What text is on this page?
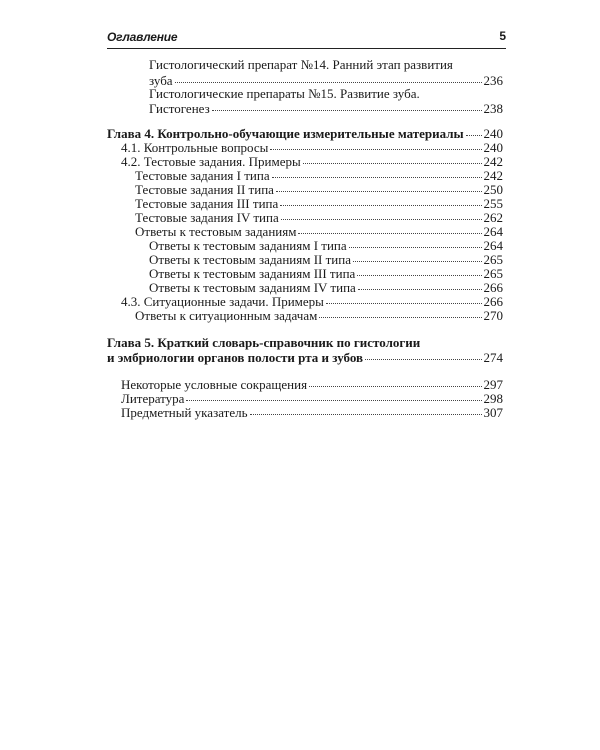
Оглавление	5
Гистологический препарат №14. Ранний этап развития
зуба	236
Гистологические препараты №15. Развитие зуба.
Гистогенез	238
Глава 4. Контрольно-обучающие измерительные материалы 240
4.1. Контрольные вопросы	240
4.2. Тестовые задания. Примеры	242
Тестовые задания I типа	242
Тестовые задания II типа	250
Тестовые задания III типа	255
Тестовые задания IV типа	262
Ответы к тестовым заданиям	264
Ответы к тестовым заданиям I типа	264
Ответы к тестовым заданиям II типа	265
Ответы к тестовым заданиям III типа	265
Ответы к тестовым заданиям IV типа	266
4.3. Ситуационные задачи. Примеры	266
Ответы к ситуационным задачам	270
Глава 5. Краткий словарь-справочник по гистологии
и эмбриологии органов полости рта и зубов	274
Некоторые условные сокращения	297
Литература	298
Предметный указатель	307
